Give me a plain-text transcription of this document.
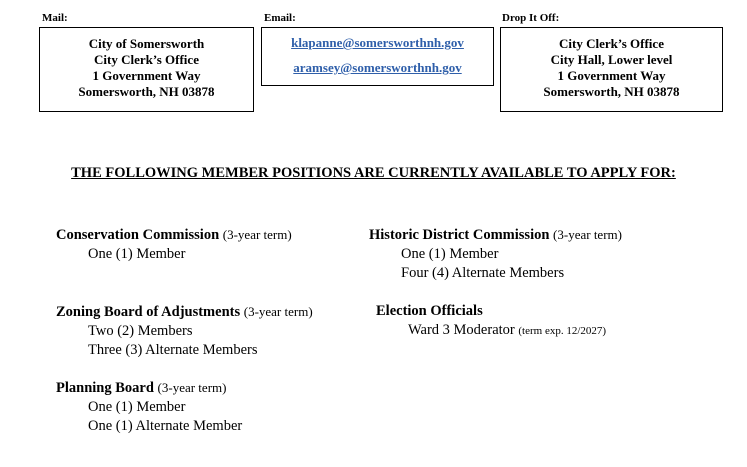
Mail:	Email:	Drop It Off:
City of Somersworth
City Clerk’s Office
1 Government Way
Somersworth, NH 03878
klapanne@somersworthnh.gov
aramsey@somersworthnh.gov
City Clerk’s Office
City Hall, Lower level
1 Government Way
Somersworth, NH 03878
THE FOLLOWING MEMBER POSITIONS ARE CURRENTLY AVAILABLE TO APPLY FOR:
Conservation Commission (3-year term)
One (1) Member
Historic District Commission (3-year term)
One (1) Member
Four (4) Alternate Members
Zoning Board of Adjustments (3-year term)
Two (2) Members
Three (3) Alternate Members
Election Officials
Ward 3 Moderator (term exp. 12/2027)
Planning Board (3-year term)
One (1) Member
One (1) Alternate Member
